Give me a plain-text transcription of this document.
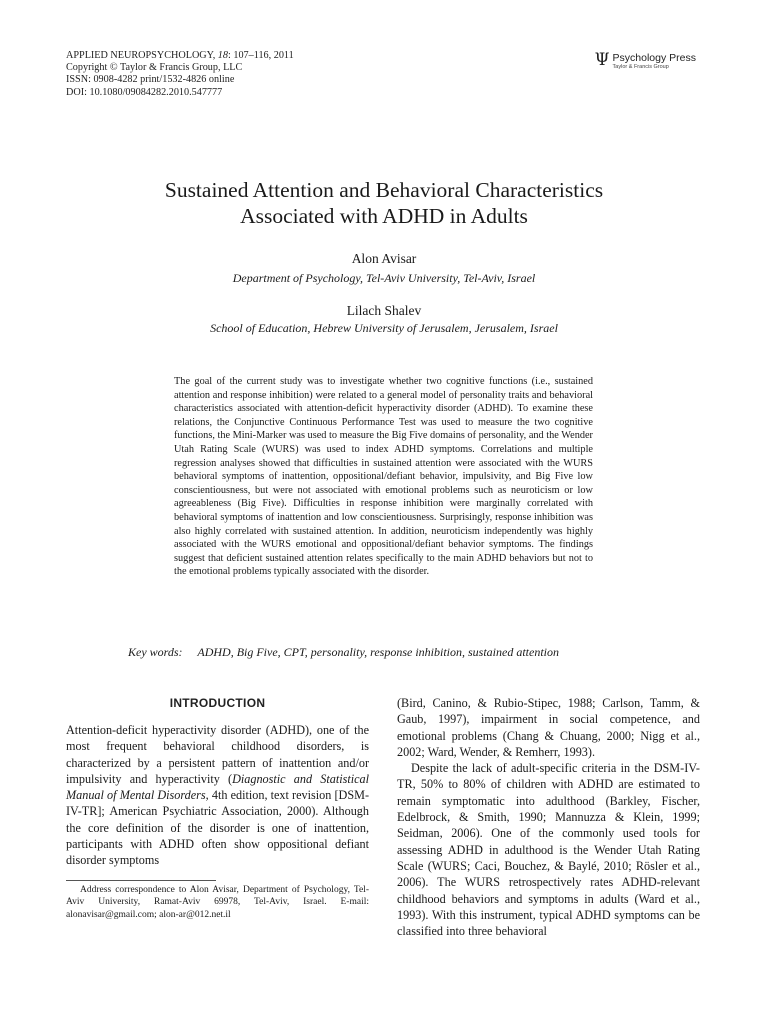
APPLIED NEUROPSYCHOLOGY, 18: 107–116, 2011
Copyright © Taylor & Francis Group, LLC
ISSN: 0908-4282 print/1532-4826 online
DOI: 10.1080/09084282.2010.547777
Ψ Psychology Press
Taylor & Francis Group
Sustained Attention and Behavioral Characteristics
Associated with ADHD in Adults
Alon Avisar
Department of Psychology, Tel-Aviv University, Tel-Aviv, Israel
Lilach Shalev
School of Education, Hebrew University of Jerusalem, Jerusalem, Israel

The goal of the current study was to investigate whether two cognitive functions (i.e., sustained attention and response inhibition) were related to a general model of personality traits and behavioral characteristics associated with attention-deficit hyperactivity disorder (ADHD). To examine these relations, the Conjunctive Continuous Performance Test was used to measure the two cognitive functions, the Mini-Marker was used to measure the Big Five domains of personality, and the Wender Utah Rating Scale (WURS) was used to index ADHD symptoms. Correlations and multiple regression analyses showed that difficulties in sustained attention were associated with the WURS behavioral symptoms of inattention, oppositional/defiant behavior, impulsivity, and Big Five low conscientiousness, but were not associated with emotional problems such as neuroticism or low agreeableness (Big Five). Difficulties in response inhibition were marginally correlated with behavioral symptoms of inattention and low conscientiousness. Surprisingly, response inhibition was also highly correlated with sustained attention. In addition, neuroticism independently was highly associated with the WURS emotional and oppositional/defiant behavior symptoms. The findings suggest that deficient sustained attention relates specifically to the main ADHD behaviors but not to the emotional problems typically associated with the disorder.

Key words: ADHD, Big Five, CPT, personality, response inhibition, sustained attention
INTRODUCTION

Attention-deficit hyperactivity disorder (ADHD), one of the most frequent behavioral childhood disorders, is characterized by a persistent pattern of inattention and/or impulsivity and hyperactivity (Diagnostic and Statistical Manual of Mental Disorders, 4th edition, text revision [DSM-IV-TR]; American Psychiatric Association, 2000). Although the core definition of the disorder is one of inattention, participants with ADHD often show oppositional defiant disorder symptoms

(Bird, Canino, & Rubio-Stipec, 1988; Carlson, Tamm, & Gaub, 1997), impairment in social competence, and emotional problems (Chang & Chuang, 2000; Nigg et al., 2002; Ward, Wender, & Remherr, 1993).

Despite the lack of adult-specific criteria in the DSM-IV-TR, 50% to 80% of children with ADHD are estimated to remain symptomatic into adulthood (Barkley, Fischer, Edelbrock, & Smith, 1990; Mannuzza & Klein, 1999; Seidman, 2006). One of the commonly used tools for assessing ADHD in adulthood is the Wender Utah Rating Scale (WURS; Caci, Bouchez, & Baylé, 2010; Rösler et al., 2006). The WURS retrospectively rates ADHD-relevant childhood behaviors and symptoms in adults (Ward et al., 1993). With this instrument, typical ADHD symptoms can be classified into three behavioral

Address correspondence to Alon Avisar, Department of Psychology, Tel-Aviv University, Ramat-Aviv 69978, Tel-Aviv, Israel. E-mail: alonavisar@gmail.com; alon-ar@012.net.il
